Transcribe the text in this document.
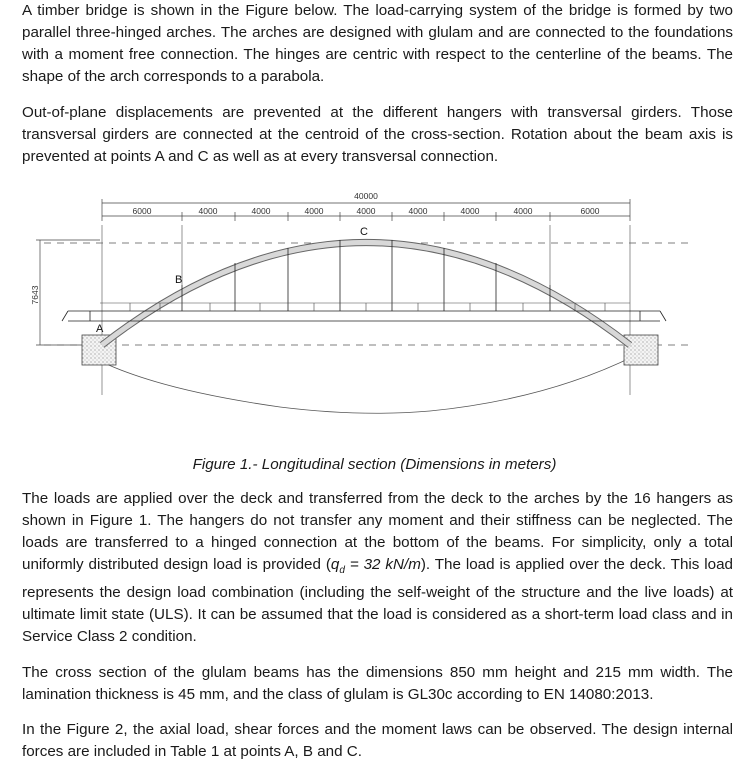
A timber bridge is shown in the Figure below. The load-carrying system of the bridge is formed by two parallel three-hinged arches. The arches are designed with glulam and are connected to the foundations with a moment free connection. The hinges are centric with respect to the centerline of the beams. The shape of the arch corresponds to a parabola.

Out-of-plane displacements are prevented at the different hangers with transversal girders. Those transversal girders are connected at the centroid of the cross-section. Rotation about the beam axis is prevented at points A and C as well as at every transversal connection.

40000
6000	4000	4000	4000	4000	4000	4000	4000	6000
7643
A
B
C
Figure 1.- Longitudinal section (Dimensions in meters)

The loads are applied over the deck and transferred from the deck to the arches by the 16 hangers as shown in Figure 1. The hangers do not transfer any moment and their stiffness can be neglected. The loads are transferred to a hinged connection at the bottom of the beams. For simplicity, only a total uniformly distributed design load is provided ($q_d = 32$ kN/m). The load is applied over the deck. This load represents the design load combination (including the self-weight of the structure and the live loads) at ultimate limit state (ULS). It can be assumed that the load is considered as a short-term load class and in Service Class 2 condition.

The cross section of the glulam beams has the dimensions 850 mm height and 215 mm width. The lamination thickness is 45 mm, and the class of glulam is GL30c according to EN 14080:2013.

In the Figure 2, the axial load, shear forces and the moment laws can be observed. The design internal forces are included in Table 1 at points A, B and C.
